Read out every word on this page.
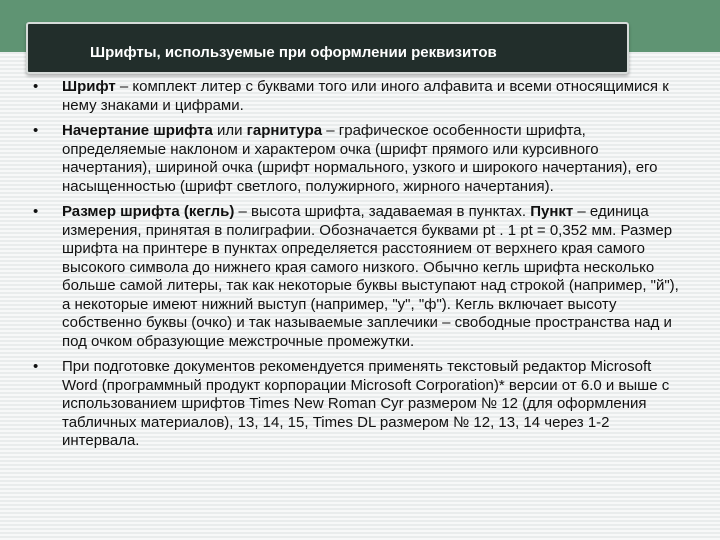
Шрифты, используемые при оформлении реквизитов
• Шрифт – комплект литер с буквами того или иного алфавита и всеми относящимися к нему знаками и цифрами.
• Начертание шрифта или гарнитура – графическое особенности шрифта, определяемые наклоном и характером очка (шрифт прямого или курсивного начертания), шириной очка (шрифт нормального, узкого и широкого начертания), его насыщенностью (шрифт светлого, полужирного, жирного начертания).
• Размер шрифта (кегль) – высота шрифта, задаваемая в пунктах. Пункт – единица измерения, принятая в полиграфии. Обозначается буквами pt . 1 pt = 0,352 мм. Размер шрифта на принтере в пунктах определяется расстоянием от верхнего края самого высокого символа до нижнего края самого низкого. Обычно кегль шрифта несколько больше самой литеры, так как некоторые буквы выступают над строкой (например, "й"), а некоторые имеют нижний выступ (например, "у", "ф"). Кегль включает высоту собственно буквы (очко) и так называемые заплечики – свободные пространства над и под очком образующие межстрочные промежутки.
• При подготовке документов рекомендуется применять текстовый редактор Microsoft Word (программный продукт корпорации Microsoft Corporation)* версии от 6.0 и выше с использованием шрифтов Times New Roman Cyr размером № 12 (для оформления табличных материалов), 13, 14, 15, Times DL размером № 12, 13, 14 через 1-2 интервала.
